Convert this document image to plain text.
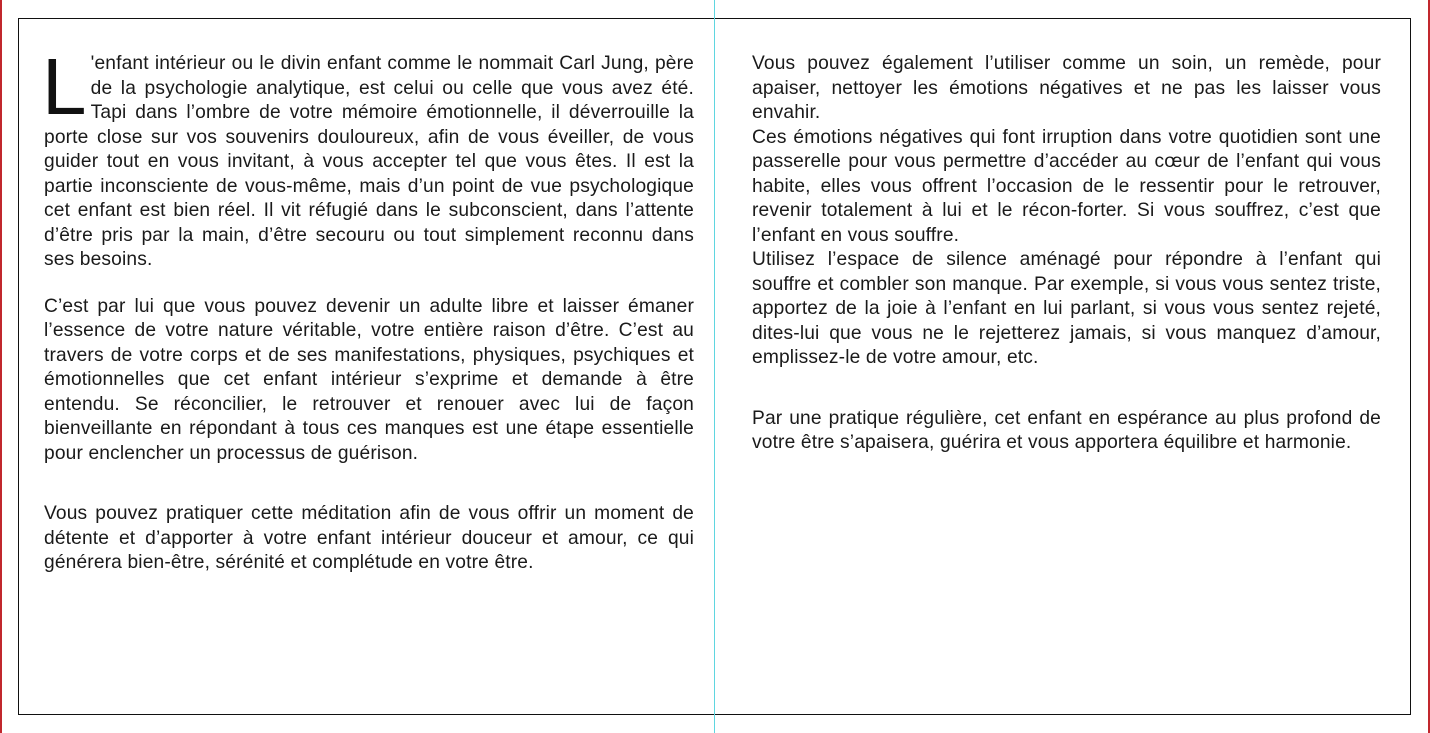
L 'enfant intérieur ou le divin enfant comme le nommait Carl Jung, père de la psychologie analytique, est celui ou celle que vous avez été. Tapi dans l’ombre de votre mémoire émotionnelle, il déverrouille la porte close sur vos souvenirs douloureux, afin de vous éveiller, de vous guider tout en vous invitant, à vous accepter tel que vous êtes. Il est la partie inconsciente de vous-même, mais d’un point de vue psychologique cet enfant est bien réel. Il vit réfugié dans le subconscient, dans l’attente d’être pris par la main, d’être secouru ou tout simplement reconnu dans ses besoins.

C’est par lui que vous pouvez devenir un adulte libre et laisser émaner l’essence de votre nature véritable, votre entière raison d’être. C’est au travers de votre corps et de ses manifestations, physiques, psychiques et émotionnelles que cet enfant intérieur s’exprime et demande à être entendu. Se réconcilier, le retrouver et renouer avec lui de façon bienveillante en répondant à tous ces manques est une étape essentielle pour enclencher un processus de guérison.

Vous pouvez pratiquer cette méditation afin de vous offrir un moment de détente et d’apporter à votre enfant intérieur douceur et amour, ce qui générera bien-être, sérénité et complétude en votre être.

Vous pouvez également l’utiliser comme un soin, un remède, pour apaiser, nettoyer les émotions négatives et ne pas les laisser vous envahir.

Ces émotions négatives qui font irruption dans votre quotidien sont une passerelle pour vous permettre d’accéder au cœur de l’enfant qui vous habite, elles vous offrent l’occasion de le ressentir pour le retrouver, revenir totalement à lui et le récon-forter. Si vous souffrez, c’est que l’enfant en vous souffre.

Utilisez l’espace de silence aménagé pour répondre à l’enfant qui souffre et combler son manque. Par exemple, si vous vous sentez triste, apportez de la joie à l’enfant en lui parlant, si vous vous sentez rejeté, dites-lui que vous ne le rejetterez jamais, si vous manquez d’amour, emplissez-le de votre amour, etc.

Par une pratique régulière, cet enfant en espérance au plus profond de votre être s’apaisera, guérira et vous apportera équilibre et harmonie.
